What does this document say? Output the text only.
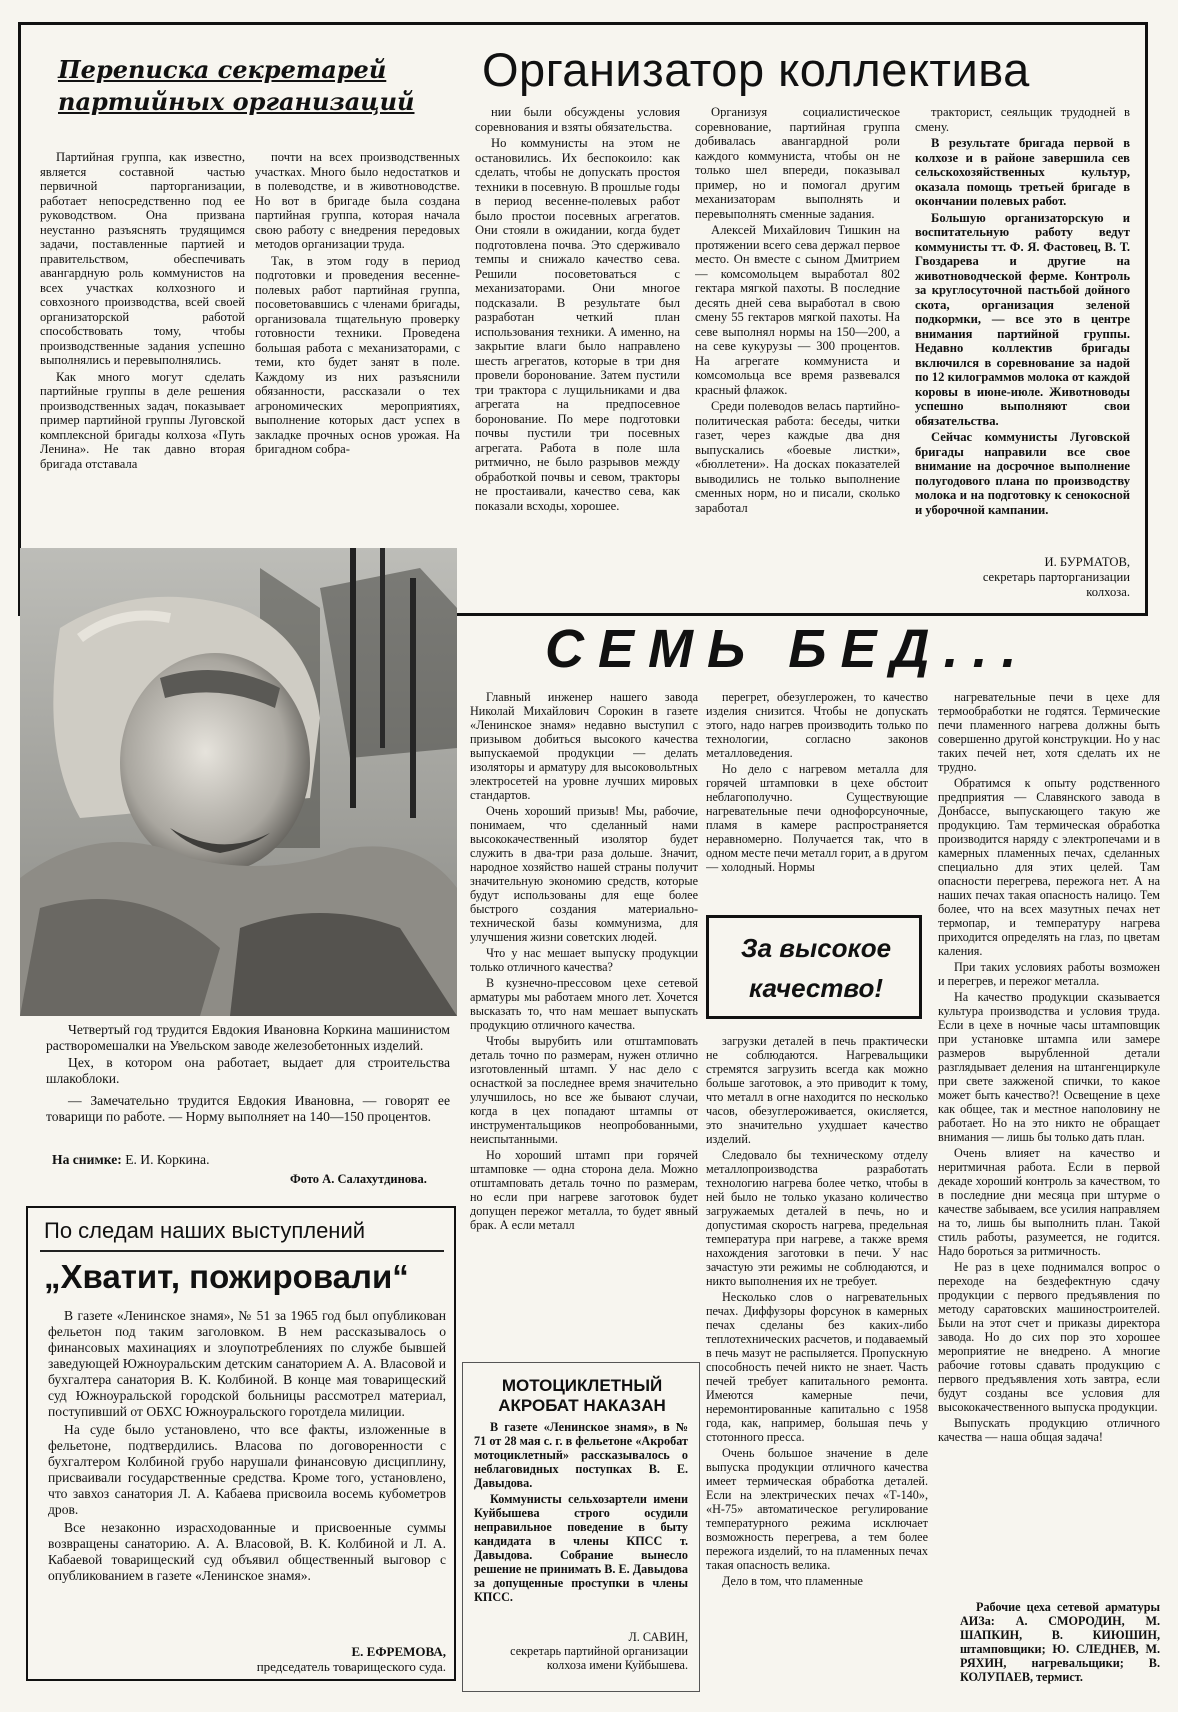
Переписка секретарей партийных организаций
Организатор коллектива

Партийная группа, как известно, является составной частью первичной парторганизации, работает непосредственно под ее руководством. Она призвана неустанно разъяснять трудящимся задачи, поставленные партией и правительством, обеспечивать авангардную роль коммунистов на всех участках колхозного и совхозного производства, всей своей организаторской работой способствовать тому, чтобы производственные задания успешно выполнялись и перевыполнялись.

Как много могут сделать партийные группы в деле решения производственных задач, показывает пример партийной группы Луговской комплексной бригады колхоза «Путь Ленина». Не так давно вторая бригада отставала

почти на всех производственных участках. Много было недостатков и в полеводстве, и в животноводстве. Но вот в бригаде была создана партийная группа, которая начала свою работу с внедрения передовых методов организации труда.

Так, в этом году в период подготовки и проведения весенне-полевых работ партийная группа, посоветовавшись с членами бригады, организовала тщательную проверку готовности техники. Проведена большая работа с механизаторами, с теми, кто будет занят в поле. Каждому из них разъяснили обязанности, рассказали о тех агрономических мероприятиях, выполнение которых даст успех в закладке прочных основ урожая. На бригадном собра-

нии были обсуждены условия соревнования и взяты обязательства.

Но коммунисты на этом не остановились. Их беспокоило: как сделать, чтобы не допускать простоя техники в посевную. В прошлые годы в период весенне-полевых работ было простои посевных агрегатов. Они стояли в ожидании, когда будет подготовлена почва. Это сдерживало темпы и снижало качество сева. Решили посоветоваться с механизаторами. Они многое подсказали. В результате был разработан четкий план использования техники. А именно, на закрытие влаги было направлено шесть агрегатов, которые в три дня провели боронование. Затем пустили три трактора с лущильниками и два агрегата на предпосевное боронование. По мере подготовки почвы пустили три посевных агрегата. Работа в поле шла ритмично, не было разрывов между обработкой почвы и севом, тракторы не простаивали, качество сева, как показали всходы, хорошее.

Организуя социалистическое соревнование, партийная группа добивалась авангардной роли каждого коммуниста, чтобы он не только шел впереди, показывал пример, но и помогал другим механизаторам выполнять и перевыполнять сменные задания.

Алексей Михайлович Тишкин на протяжении всего сева держал первое место. Он вместе с сыном Дмитрием — комсомольцем выработал 802 гектара мягкой пахоты. В последние десять дней сева выработал в свою смену 55 гектаров мягкой пахоты. На севе выполнял нормы на 150—200, а на севе кукурузы — 300 процентов. На агрегате коммуниста и комсомольца все время развевался красный флажок.

Среди полеводов велась партийно-политическая работа: беседы, читки газет, через каждые два дня выпускались «боевые листки», «бюллетени». На досках показателей выводились не только выполнение сменных норм, но и писали, сколько заработал

тракторист, сеяльщик трудодней в смену.

В результате бригада первой в колхозе и в районе завершила сев сельскохозяйственных культур, оказала помощь третьей бригаде в окончании полевых работ.

Большую организаторскую и воспитательную работу ведут коммунисты тт. Ф. Я. Фастовец, В. Т. Гвоздарева и другие на животноводческой ферме. Контроль за круглосуточной пастьбой дойного скота, организация зеленой подкормки, — все это в центре внимания партийной группы. Недавно коллектив бригады включился в соревнование за надой по 12 килограммов молока от каждой коровы в июне-июле. Животноводы успешно выполняют свои обязательства.

Сейчас коммунисты Луговской бригады направили все свое внимание на досрочное выполнение полугодового плана по производству молока и на подготовку к сенокосной и уборочной кампании.

И. БУРМАТОВ,
секретарь парторганизации колхоза.

Четвертый год трудится Евдокия Ивановна Коркина машинистом растворомешалки на Увельском заводе железобетонных изделий.

Цех, в котором она работает, выдает для строительства шлакоблоки.

— Замечательно трудится Евдокия Ивановна, — говорят ее товарищи по работе. — Норму выполняет на 140—150 процентов.

На снимке: Е. И. Коркина.
Фото А. Салахутдинова.
По следам наших выступлений
„Хватит, пожировали“

В газете «Ленинское знамя», № 51 за 1965 год был опубликован фельетон под таким заголовком. В нем рассказывалось о финансовых махинациях и злоупотреблениях по службе бывшей заведующей Южноуральским детским санаторием А. А. Власовой и бухгалтера санатория В. К. Колбиной. В конце мая товарищеский суд Южноуральской городской больницы рассмотрел материал, поступивший от ОБХС Южноуральского горотдела милиции.

На суде было установлено, что все факты, изложенные в фельетоне, подтвердились. Власова по договоренности с бухгалтером Колбиной грубо нарушали финансовую дисциплину, присваивали государственные средства. Кроме того, установлено, что завхоз санатория Л. А. Кабаева присвоила восемь кубометров дров.

Все незаконно израсходованные и присвоенные суммы возвращены санаторию. А. А. Власовой, В. К. Колбиной и Л. А. Кабаевой товарищеский суд объявил общественный выговор с опубликованием в газете «Ленинское знамя».

Е. ЕФРЕМОВА,
председатель товарищеского суда.
СЕМЬ БЕД...

Главный инженер нашего завода Николай Михайлович Сорокин в газете «Ленинское знамя» недавно выступил с призывом добиться высокого качества выпускаемой продукции — делать изоляторы и арматуру для высоковольтных электросетей на уровне лучших мировых стандартов.

Очень хороший призыв! Мы, рабочие, понимаем, что сделанный нами высококачественный изолятор будет служить в два-три раза дольше. Значит, народное хозяйство нашей страны получит значительную экономию средств, которые будут использованы для еще более быстрого создания материально-технической базы коммунизма, для улучшения жизни советских людей.

Что у нас мешает выпуску продукции только отличного качества?

В кузнечно-прессовом цехе сетевой арматуры мы работаем много лет. Хочется высказать то, что нам мешает выпускать продукцию отличного качества.

Чтобы вырубить или отштамповать деталь точно по размерам, нужен отлично изготовленный штамп. У нас дело с оснасткой за последнее время значительно улучшилось, но все же бывают случаи, когда в цех попадают штампы от инструментальщиков неопробованными, неиспытанными.

Но хороший штамп при горячей штамповке — одна сторона дела. Можно отштамповать деталь точно по размерам, но если при нагреве заготовок будет допущен пережог металла, то будет явный брак. А если металл

перегрет, обезуглерожен, то качество изделия снизится. Чтобы не допускать этого, надо нагрев производить только по технологии, согласно законов металловедения.

Но дело с нагревом металла для горячей штамповки в цехе обстоит неблагополучно. Существующие нагревательные печи однофорсуночные, пламя в камере распространяется неравномерно. Получается так, что в одном месте печи металл горит, а в другом — холодный. Нормы

За высокое качество!

загрузки деталей в печь практически не соблюдаются. Нагревальщики стремятся загрузить всегда как можно больше заготовок, а это приводит к тому, что металл в огне находится по несколько часов, обезуглероживается, окисляется, это значительно ухудшает качество изделий.

Следовало бы техническому отделу металлопроизводства разработать технологию нагрева более четко, чтобы в ней было не только указано количество загружаемых деталей в печь, но и допустимая скорость нагрева, предельная температура при нагреве, а также время нахождения заготовки в печи. У нас зачастую эти режимы не соблюдаются, и никто выполнения их не требует.

Несколько слов о нагревательных печах. Диффузоры форсунок в камерных печах сделаны без каких-либо теплотехнических расчетов, и подаваемый в печь мазут не распыляется. Пропускную способность печей никто не знает. Часть печей требует капитального ремонта. Имеются камерные печи, неремонтированные капитально с 1958 года, как, например, большая печь у стотонного пресса.

Очень большое значение в деле выпуска продукции отличного качества имеет термическая обработка деталей. Если на электрических печах «Т-140», «Н-75» автоматическое регулирование температурного режима исключает возможность перегрева, а тем более пережога изделий, то на пламенных печах такая опасность велика.

Дело в том, что пламенные

нагревательные печи в цехе для термообработки не годятся. Термические печи пламенного нагрева должны быть совершенно другой конструкции. Но у нас таких печей нет, хотя сделать их не трудно.

Обратимся к опыту родственного предприятия — Славянского завода в Донбассе, выпускающего такую же продукцию. Там термическая обработка производится наряду с электропечами и в камерных пламенных печах, сделанных специально для этих целей. Там опасности перегрева, пережога нет. А на наших печах такая опасность налицо. Тем более, что на всех мазутных печах нет термопар, и температуру нагрева приходится определять на глаз, по цветам каления.

При таких условиях работы возможен и перегрев, и пережог металла.

На качество продукции сказывается культура производства и условия труда. Если в цехе в ночные часы штамповщик при установке штампа или замере размеров вырубленной детали разглядывает деления на штангенциркуле при свете зажженой спички, то какое может быть качество?! Освещение в цехе как общее, так и местное наполовину не работает. Но на это никто не обращает внимания — лишь бы только дать план.

Очень влияет на качество и неритмичная работа. Если в первой декаде хороший контроль за качеством, то в последние дни месяца при штурме о качестве забываем, все усилия направляем на то, лишь бы выполнить план. Такой стиль работы, разумеется, не годится. Надо бороться за ритмичность.

Не раз в цехе поднимался вопрос о переходе на бездефектную сдачу продукции с первого предъявления по методу саратовских машиностроителей. Были на этот счет и приказы директора завода. Но до сих пор это хорошее мероприятие не внедрено. А многие рабочие готовы сдавать продукцию с первого предъявления хоть завтра, если будут созданы все условия для высококачественного выпуска продукции.

Выпускать продукцию отличного качества — наша общая задача!

Рабочие цеха сетевой арматуры АИЗа: А. СМОРОДИН, М. ШАПКИН, В. КИЮШИН, штамповщики; Ю. СЛЕДНЕВ, М. РЯХИН, нагревальщики; В. КОЛУПАЕВ, термист.

МОТОЦИКЛЕТНЫЙ АКРОБАТ НАКАЗАН

В газете «Ленинское знамя», в № 71 от 28 мая с. г. в фельетоне «Акробат мотоциклетный» рассказывалось о неблаговидных поступках В. Е. Давыдова.

Коммунисты сельхозартели имени Куйбышева строго осудили неправильное поведение в быту кандидата в члены КПСС т. Давыдова. Собрание вынесло решение не принимать В. Е. Давыдова за допущенные проступки в члены КПСС.

Л. САВИН,
секретарь партийной организации колхоза имени Куйбышева.
